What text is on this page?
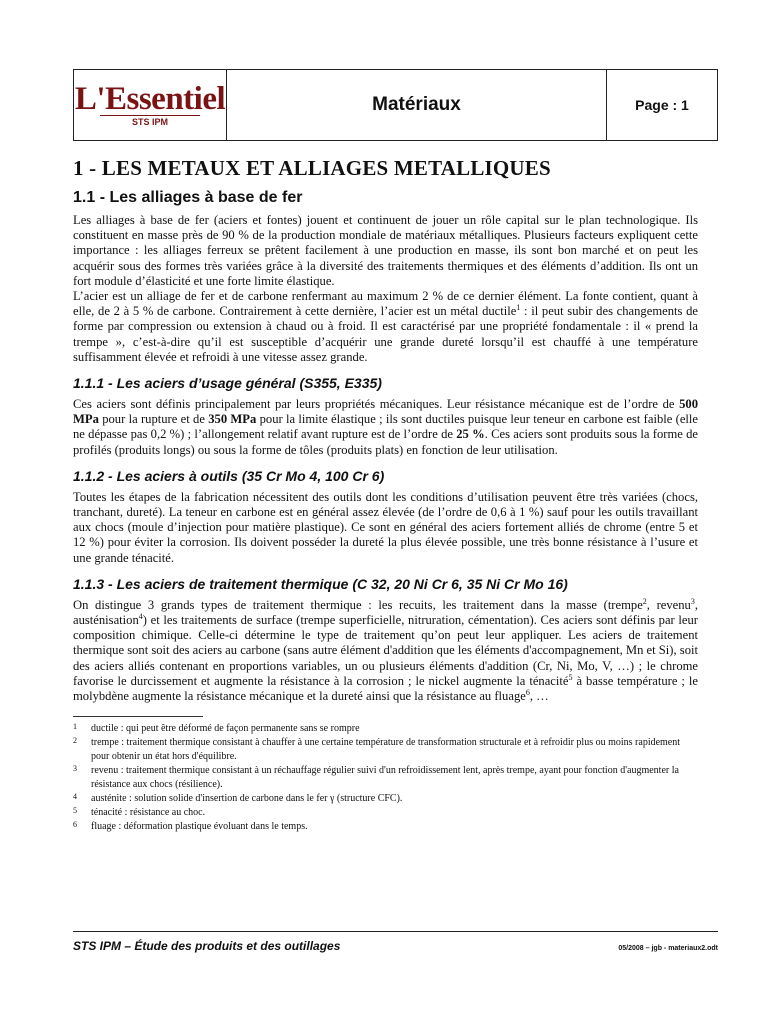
L'Essentiel
STS IPM
Matériaux	Page : 1
1 - LES METAUX ET ALLIAGES METALLIQUES
1.1 - Les alliages à base de fer

Les alliages à base de fer (aciers et fontes) jouent et continuent de jouer un rôle capital sur le plan technologique. Ils constituent en masse près de 90 % de la production mondiale de matériaux métalliques. Plusieurs facteurs expliquent cette importance : les alliages ferreux se prêtent facilement à une production en masse, ils sont bon marché et on peut les acquérir sous des formes très variées grâce à la diversité des traitements thermiques et des éléments d’addition. Ils ont un fort module d’élasticité et une forte limite élastique.

L’acier est un alliage de fer et de carbone renfermant au maximum 2 % de ce dernier élément. La fonte contient, quant à elle, de 2 à 5 % de carbone. Contrairement à cette dernière, l’acier est un métal ductile$^1$ : il peut subir des changements de forme par compression ou extension à chaud ou à froid. Il est caractérisé par une propriété fondamentale : il « prend la trempe », c’est-à-dire qu’il est susceptible d’acquérir une grande dureté lorsqu’il est chauffé à une température suffisamment élevée et refroidi à une vitesse assez grande.

1.1.1 - Les aciers d’usage général (S355, E335)

Ces aciers sont définis principalement par leurs propriétés mécaniques. Leur résistance mécanique est de l’ordre de 500 MPa pour la rupture et de 350 MPa pour la limite élastique ; ils sont ductiles puisque leur teneur en carbone est faible (elle ne dépasse pas 0,2 %) ; l’allongement relatif avant rupture est de l’ordre de 25 %. Ces aciers sont produits sous la forme de profilés (produits longs) ou sous la forme de tôles (produits plats) en fonction de leur utilisation.

1.1.2 - Les aciers à outils (35 Cr Mo 4, 100 Cr 6)

Toutes les étapes de la fabrication nécessitent des outils dont les conditions d’utilisation peuvent être très variées (chocs, tranchant, dureté). La teneur en carbone est en général assez élevée (de l’ordre de 0,6 à 1 %) sauf pour les outils travaillant aux chocs (moule d’injection pour matière plastique). Ce sont en général des aciers fortement alliés de chrome (entre 5 et 12 %) pour éviter la corrosion. Ils doivent posséder la dureté la plus élevée possible, une très bonne résistance à l’usure et une grande ténacité.

1.1.3 - Les aciers de traitement thermique (C 32, 20 Ni Cr 6, 35 Ni Cr Mo 16)

On distingue 3 grands types de traitement thermique : les recuits, les traitement dans la masse (trempe$^2$, revenu$^3$, austénisation$^4$) et les traitements de surface (trempe superficielle, nitruration, cémentation). Ces aciers sont définis par leur composition chimique. Celle-ci détermine le type de traitement qu’on peut leur appliquer. Les aciers de traitement thermique sont soit des aciers au carbone (sans autre élément d'addition que les éléments d'accompagnement, Mn et Si), soit des aciers alliés contenant en proportions variables, un ou plusieurs éléments d'addition (Cr, Ni, Mo, V, …) ; le chrome favorise le durcissement et augmente la résistance à la corrosion ; le nickel augmente la ténacité$^5$ à basse température ; le molybdène augmente la résistance mécanique et la dureté ainsi que la résistance au fluage$^6$, …

1	ductile : qui peut être déformé de façon permanente sans se rompre
2	trempe : traitement thermique consistant à chauffer à une certaine température de transformation structurale et à refroidir plus ou moins rapidement pour obtenir un état hors d'équilibre.
3	revenu : traitement thermique consistant à un réchauffage régulier suivi d'un refroidissement lent, après trempe, ayant pour fonction d'augmenter la résistance aux chocs (résilience).
4	austénite : solution solide d'insertion de carbone dans le fer γ (structure CFC).
5	ténacité : résistance au choc.
6	fluage : déformation plastique évoluant dans le temps.
STS IPM – Étude des produits et des outillages	05/2008 – jgb - materiaux2.odt
